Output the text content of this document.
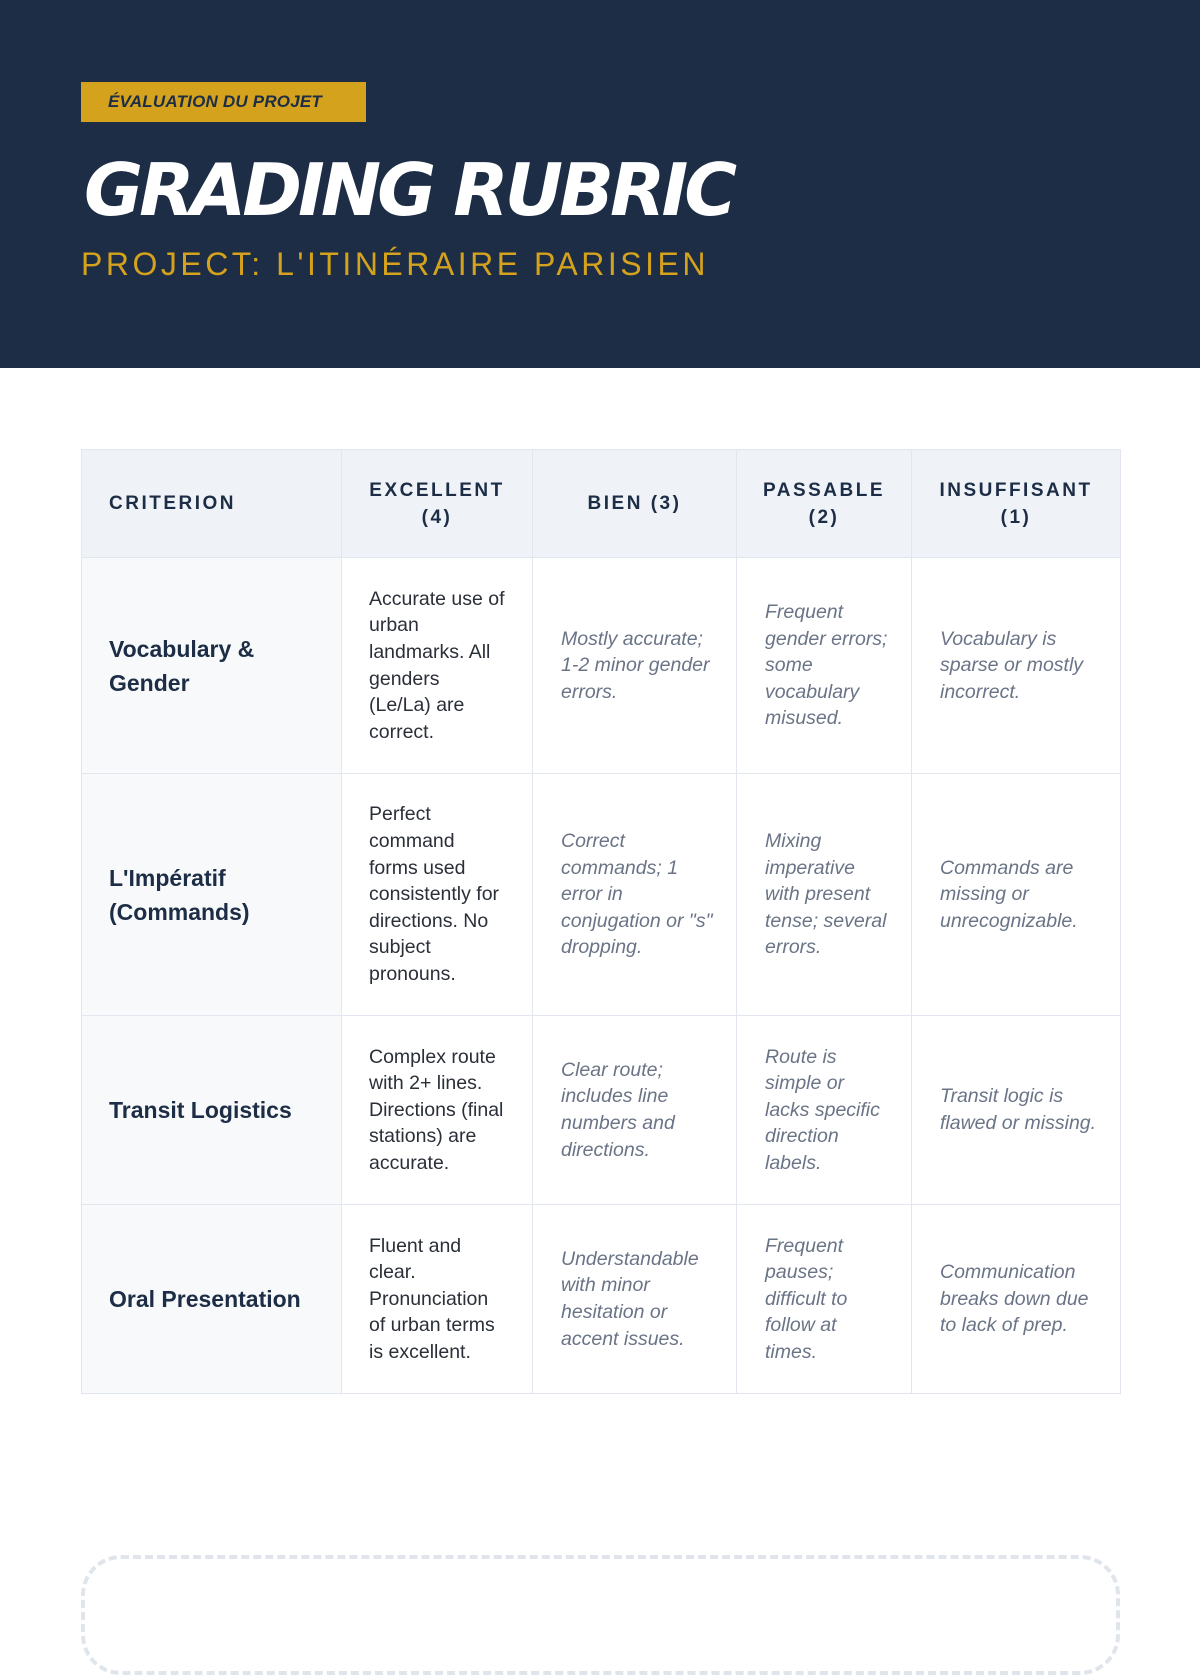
ÉVALUATION DU PROJET
GRADING RUBRIC
PROJECT: L'ITINÉRAIRE PARISIEN
CRITERION	EXCELLENT (4)	BIEN (3)	PASSABLE (2)	INSUFFISANT (1)
Vocabulary & Gender	Accurate use of urban landmarks. All genders (Le/La) are correct.	Mostly accurate; 1-2 minor gender errors.	Frequent gender errors; some vocabulary misused.	Vocabulary is sparse or mostly incorrect.
L'Impératif (Commands)	Perfect command forms used consistently for directions. No subject pronouns.	Correct commands; 1 error in conjugation or "s" dropping.	Mixing imperative with present tense; several errors.	Commands are missing or unrecognizable.
Transit Logistics	Complex route with 2+ lines. Directions (final stations) are accurate.	Clear route; includes line numbers and directions.	Route is simple or lacks specific direction labels.	Transit logic is flawed or missing.
Oral Presentation	Fluent and clear. Pronunciation of urban terms is excellent.	Understandable with minor hesitation or accent issues.	Frequent pauses; difficult to follow at times.	Communication breaks down due to lack of prep.
